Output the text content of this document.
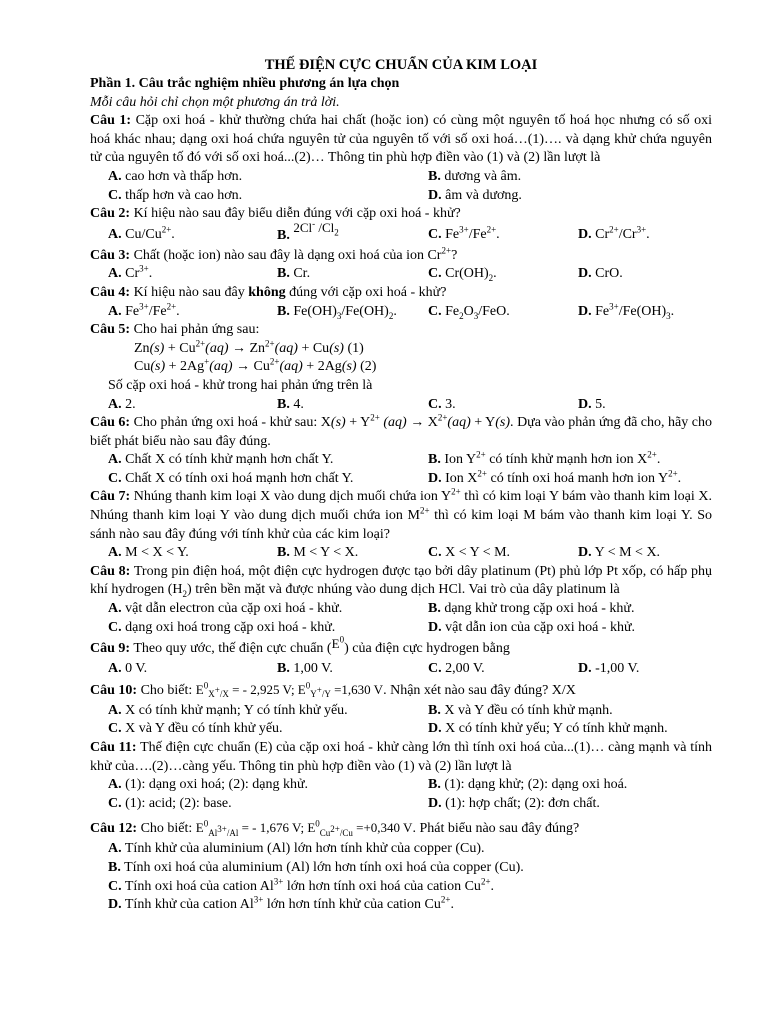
THẾ ĐIỆN CỰC CHUẨN CỦA KIM LOẠI
Phần 1. Câu trắc nghiệm nhiều phương án lựa chọn
Mỗi câu hỏi chỉ chọn một phương án trả lời.
Câu 1: Cặp oxi hoá - khử thường chứa hai chất (hoặc ion) có cùng một nguyên tố hoá học nhưng có số oxi hoá khác nhau; dạng oxi hoá chứa nguyên tử của nguyên tố với số oxi hoá…(1)…. và dạng khử chứa nguyên tử của nguyên tố đó với số oxi hoá...(2)… Thông tin phù hợp điền vào (1) và (2) lần lượt là
A. cao hơn và thấp hơn.	B. dương và âm.
C. thấp hơn và cao hơn.	D. âm và dương.
Câu 2: Kí hiệu nào sau đây biểu diễn đúng với cặp oxi hoá - khử?
A. $Cu/Cu^{2+}$.	B. 2Cl- $/Cl_2$	C. $Fe^{3+}/Fe^{2+}$.	D. $Cr^{2+}/Cr^{3+}$.
Câu 3: Chất (hoặc ion) nào sau đây là dạng oxi hoá của ion $Cr^{2+}$?
A. $Cr^{3+}$.	B. Cr.	C. $Cr(OH)_2$.	D. CrO.
Câu 4: Kí hiệu nào sau đây không đúng với cặp oxi hoá - khử?
A. $Fe^{3+}/Fe^{2+}$.	B. $Fe(OH)_3/Fe(OH)_2$.	C. $Fe_2O_3$/FeO.	D. $Fe^{3+}/Fe(OH)_3$.
Câu 5: Cho hai phản ứng sau:
$Zn(s) + Cu^{2+}(aq) \to Zn^{2+}(aq) + Cu(s)$ (1)
$Cu(s) + 2Ag^+(aq) \to Cu^{2+}(aq) + 2Ag(s)$ (2)
Số cặp oxi hoá - khử trong hai phản ứng trên là
A. 2.	B. 4.	C. 3.	D. 5.
Câu 6: Cho phản ứng oxi hoá - khử sau: $X(s) + Y^{2+}$ $(aq) \to X^{2+}(aq) + Y(s)$. Dựa vào phản ứng đã cho, hãy cho biết phát biểu nào sau đây đúng.
A. Chất X có tính khử mạnh hơn chất Y.	B. Ion $Y^{2+}$ có tính khử mạnh hơn ion $X^{2+}$.
C. Chất X có tính oxi hoá mạnh hơn chất Y.	D. Ion $X^{2+}$ có tính oxi hoá manh hơn ion $Y^{2+}$.
Câu 7: Nhúng thanh kim loại X vào dung dịch muối chứa ion $Y^{2+}$ thì có kim loại Y bám vào thanh kim loại X. Nhúng thanh kim loại Y vào dung dịch muối chứa ion $M^{2+}$ thì có kim loại M bám vào thanh kim loại Y. So sánh nào sau đây đúng với tính khử của các kim loại?
A. M < X < Y.	B. M < Y < X.	C. X < Y < M.	D. Y < M < X.
Câu 8: Trong pin điện hoá, một điện cực hydrogen được tạo bởi dây platinum (Pt) phủ lớp Pt xốp, có hấp phụ khí hydrogen $(H_2)$ trên bền mặt và được nhúng vào dung dịch HCl. Vai trò của dây platinum là
A. vật dẫn electron của cặp oxi hoá - khử.	B. dạng khử trong cặp oxi hoá - khử.
C. dạng oxi hoá trong cặp oxi hoá - khử.	D. vật dẫn ion của cặp oxi hoá - khử.
Câu 9: Theo quy ước, thế điện cực chuẩn $(E^0)$ của điện cực hydrogen bằng
A. 0 V.	B. 1,00 V.	C. 2,00 V.	D. -1,00 V.
Câu 10: Cho biết: $E^0_{X^+/X}$ = - 2,925 V; $E^0_{Y^+/Y} =1,630$ V. Nhận xét nào sau đây đúng? X/X
A. X có tính khử mạnh; Y có tính khử yếu.	B. X và Y đều có tính khử mạnh.
C. X và Y đều có tính khử yếu.	D. X có tính khử yếu; Y có tính khử mạnh.
Câu 11: Thế điện cực chuẩn (E) của cặp oxi hoá - khử càng lớn thì tính oxi hoá của...(1)… càng mạnh và tính khử của….(2)…càng yếu. Thông tin phù hợp điền vào (1) và (2) lần lượt là
A. (1): dạng oxi hoá; (2): dạng khử.	B. (1): dạng khử; (2): dạng oxi hoá.
C. (1): acid; (2): base.	D. (1): hợp chất; (2): đơn chất.
Câu 12: Cho biết: $E^0_{Al^{3+}/Al}$ = - 1,676 V; $E^0_{Cu^{2+}/Cu} =+0,340$ V. Phát biểu nào sau đây đúng?
A. Tính khử của aluminium (Al) lớn hơn tính khử của copper (Cu).
B. Tính oxi hoá của aluminium (Al) lớn hơn tính oxi hoá của copper (Cu).
C. Tính oxi hoá của cation $Al^{3+}$ lớn hơn tính oxi hoá của cation $Cu^{2+}$.
D. Tính khử của cation $Al^{3+}$ lớn hơn tính khử của cation $Cu^{2+}$.
